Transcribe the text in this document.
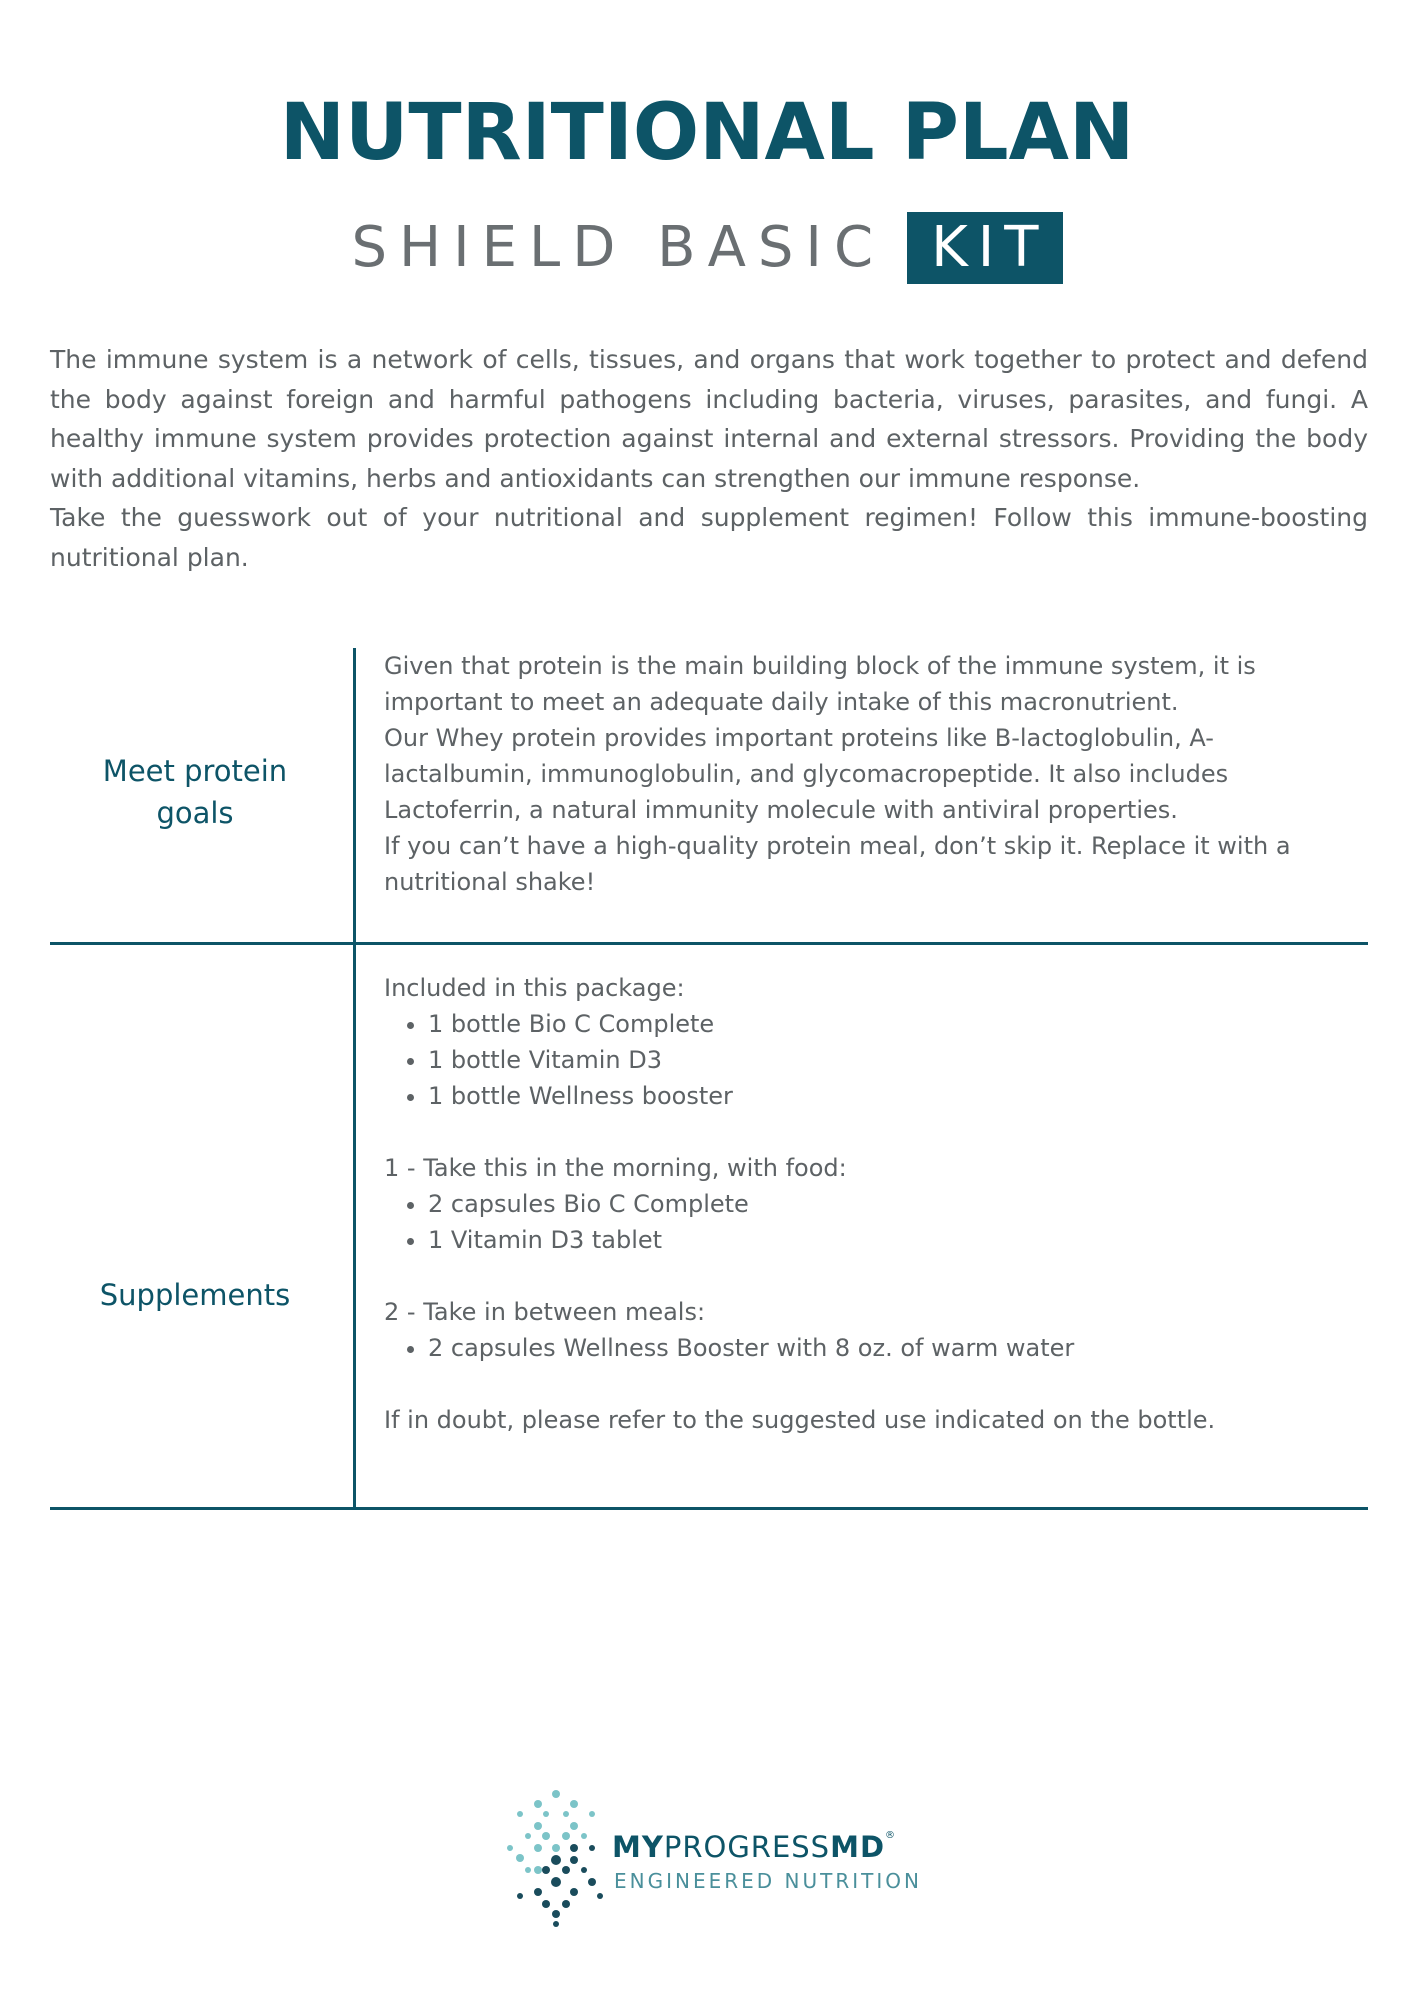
NUTRITIONAL PLAN
SHIELD BASIC KIT

The immune system is a network of cells, tissues, and organs that work together to protect and defend the body against foreign and harmful pathogens including bacteria, viruses, parasites, and fungi. A healthy immune system provides protection against internal and external stressors. Providing the body with additional vitamins, herbs and antioxidants can strengthen our immune response.

Take the guesswork out of your nutritional and supplement regimen! Follow this immune-boosting nutritional plan.

Meet protein
goals

Given that protein is the main building block of the immune system, it is important to meet an adequate daily intake of this macronutrient.

Our Whey protein provides important proteins like B-lactoglobulin, A-lactalbumin, immunoglobulin, and glycomacropeptide. It also includes Lactoferrin, a natural immunity molecule with antiviral properties.

If you can’t have a high-quality protein meal, don’t skip it. Replace it with a nutritional shake!

Supplements

Included in this package:

• 1 bottle Bio C Complete
• 1 bottle Vitamin D3
• 1 bottle Wellness booster

1 - Take this in the morning, with food:

• 2 capsules Bio C Complete
• 1 Vitamin D3 tablet

2 - Take in between meals:

• 2 capsules Wellness Booster with 8 oz. of warm water

If in doubt, please refer to the suggested use indicated on the bottle.

MYPROGRESSMD®
ENGINEERED NUTRITION
